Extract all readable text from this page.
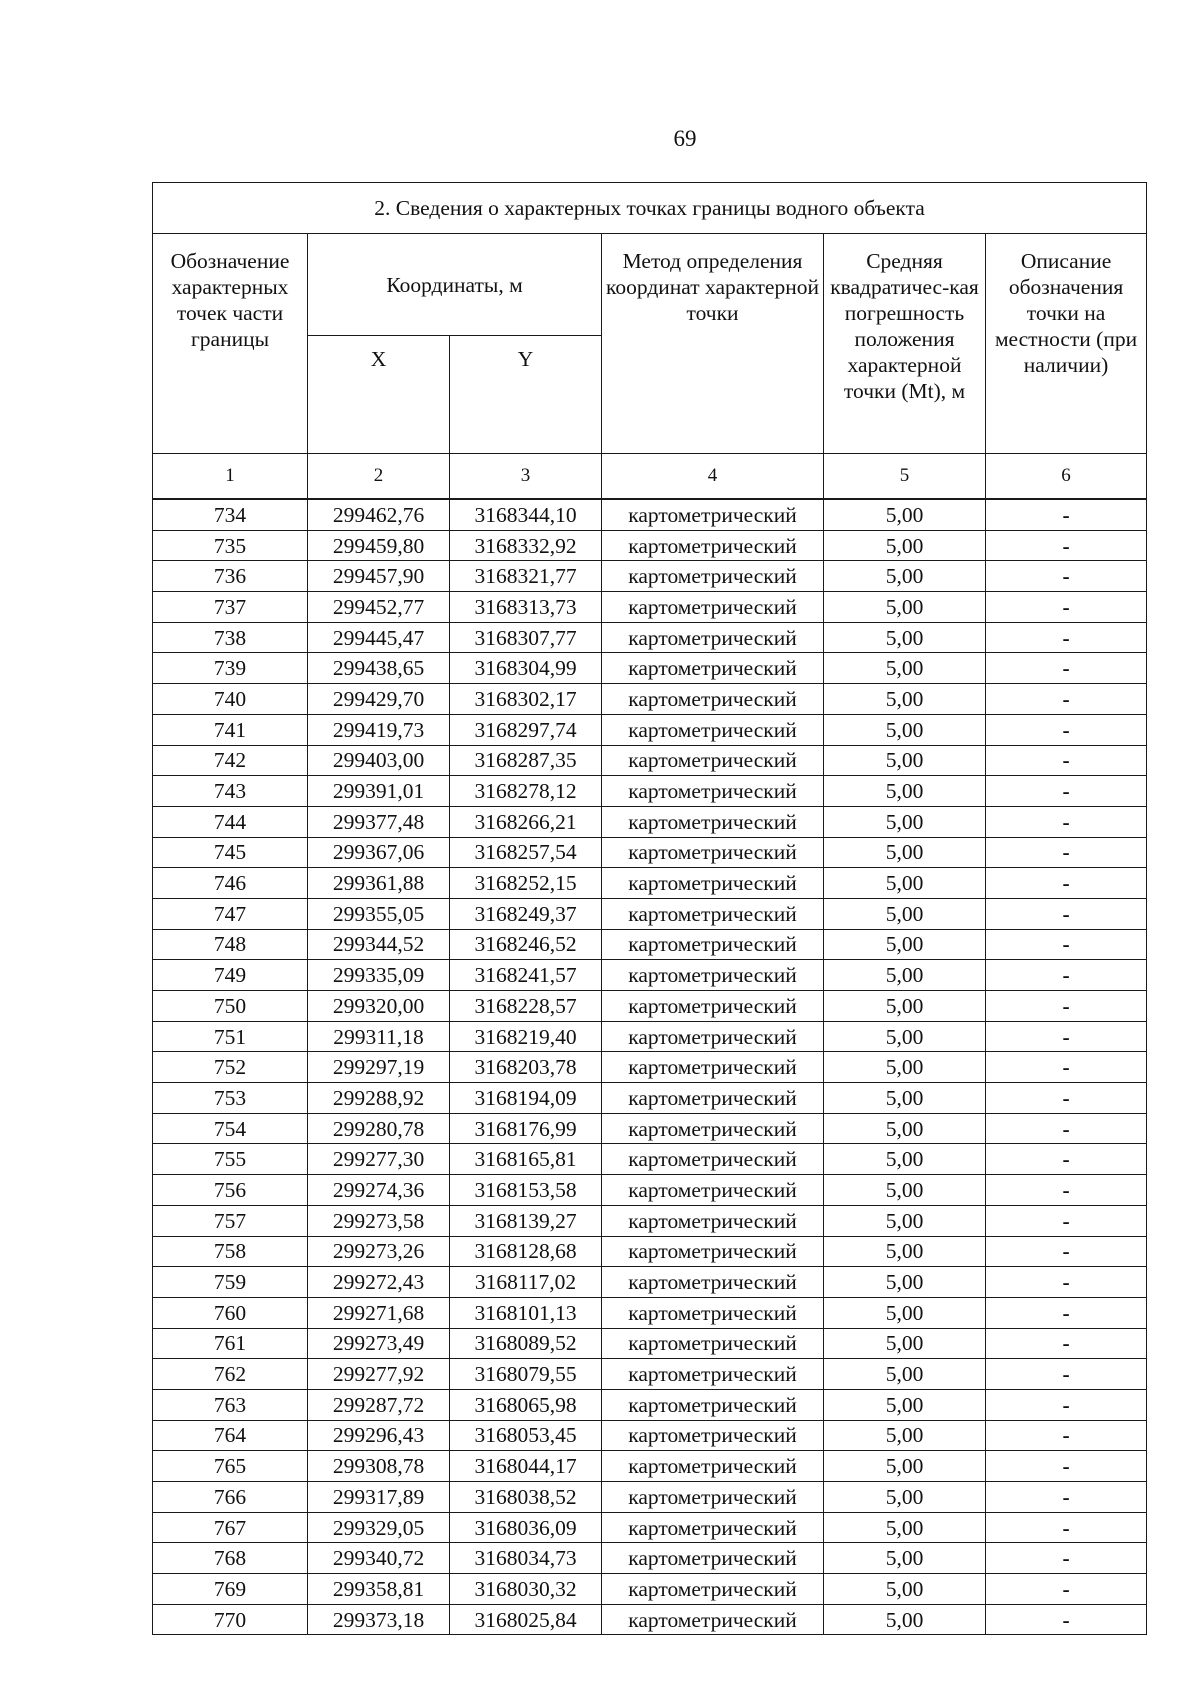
69
2. Сведения о характерных точках границы водного объекта					
Обозначение характерных точек части границы	Координаты, м		Метод определения координат характерной точки	Средняя квадратичес-кая погрешность положения характерной точки (Mt), м	Описание обозначения точки на местности (при наличии)
	X	Y			
1	2	3	4	5	6
734	299462,76	3168344,10	картометрический	5,00	-
735	299459,80	3168332,92	картометрический	5,00	-
736	299457,90	3168321,77	картометрический	5,00	-
737	299452,77	3168313,73	картометрический	5,00	-
738	299445,47	3168307,77	картометрический	5,00	-
739	299438,65	3168304,99	картометрический	5,00	-
740	299429,70	3168302,17	картометрический	5,00	-
741	299419,73	3168297,74	картометрический	5,00	-
742	299403,00	3168287,35	картометрический	5,00	-
743	299391,01	3168278,12	картометрический	5,00	-
744	299377,48	3168266,21	картометрический	5,00	-
745	299367,06	3168257,54	картометрический	5,00	-
746	299361,88	3168252,15	картометрический	5,00	-
747	299355,05	3168249,37	картометрический	5,00	-
748	299344,52	3168246,52	картометрический	5,00	-
749	299335,09	3168241,57	картометрический	5,00	-
750	299320,00	3168228,57	картометрический	5,00	-
751	299311,18	3168219,40	картометрический	5,00	-
752	299297,19	3168203,78	картометрический	5,00	-
753	299288,92	3168194,09	картометрический	5,00	-
754	299280,78	3168176,99	картометрический	5,00	-
755	299277,30	3168165,81	картометрический	5,00	-
756	299274,36	3168153,58	картометрический	5,00	-
757	299273,58	3168139,27	картометрический	5,00	-
758	299273,26	3168128,68	картометрический	5,00	-
759	299272,43	3168117,02	картометрический	5,00	-
760	299271,68	3168101,13	картометрический	5,00	-
761	299273,49	3168089,52	картометрический	5,00	-
762	299277,92	3168079,55	картометрический	5,00	-
763	299287,72	3168065,98	картометрический	5,00	-
764	299296,43	3168053,45	картометрический	5,00	-
765	299308,78	3168044,17	картометрический	5,00	-
766	299317,89	3168038,52	картометрический	5,00	-
767	299329,05	3168036,09	картометрический	5,00	-
768	299340,72	3168034,73	картометрический	5,00	-
769	299358,81	3168030,32	картометрический	5,00	-
770	299373,18	3168025,84	картометрический	5,00	-
